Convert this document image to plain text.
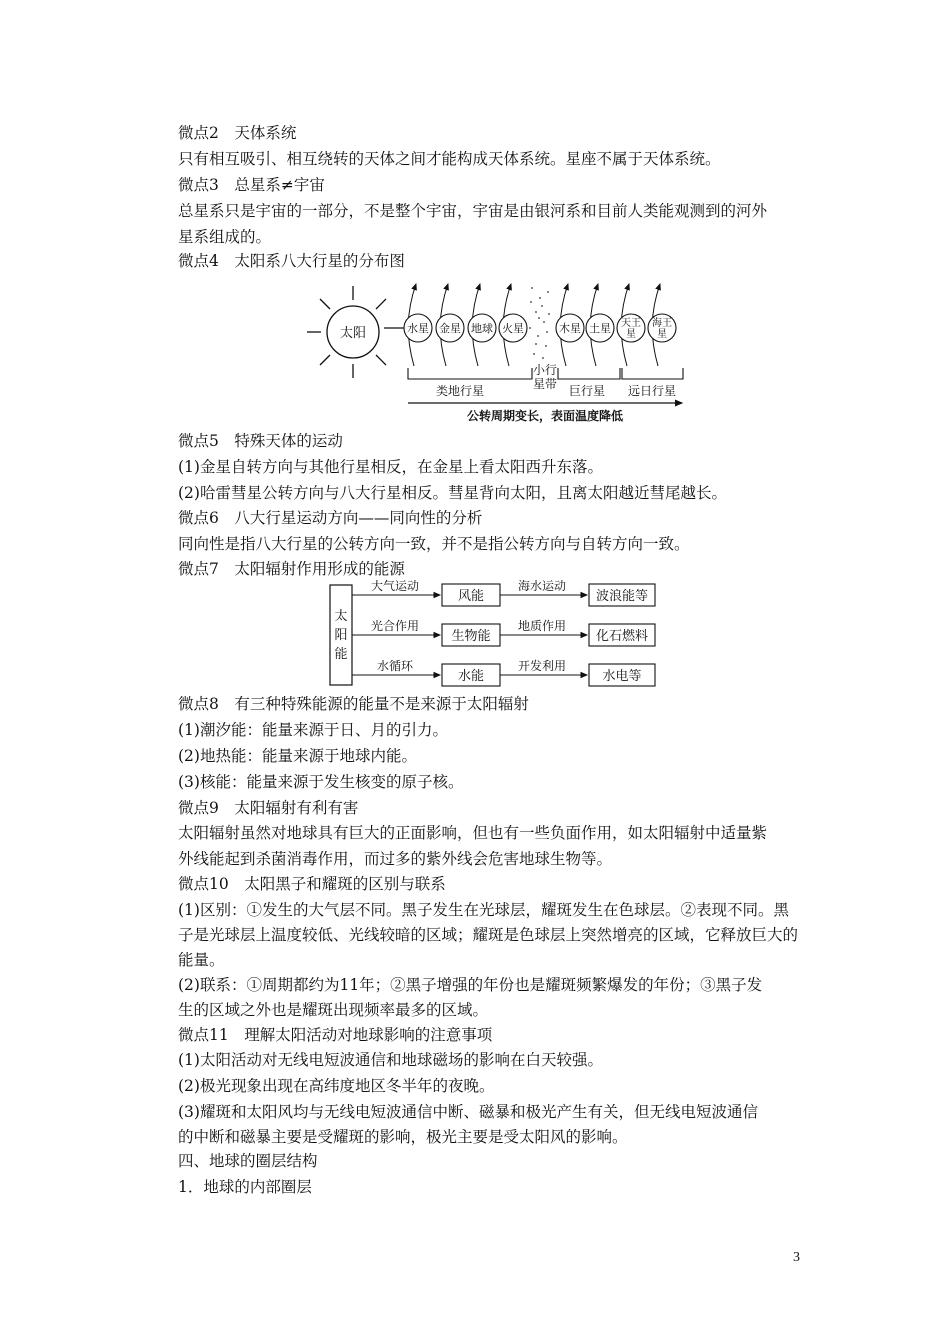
微点2　天体系统
只有相互吸引、相互绕转的天体之间才能构成天体系统。星座不属于天体系统。
微点3　总星系≠宇宙
总星系只是宇宙的一部分，不是整个宇宙，宇宙是由银河系和目前人类能观测到的河外
星系组成的。
微点4　太阳系八大行星的分布图
太阳	水星 金星 地球 火星	木星 土星 天王
星
海王
星
小行
星带
类地行星	巨行星 远日行星
公转周期变长，表面温度降低
微点5　特殊天体的运动
(1)金星自转方向与其他行星相反，在金星上看太阳西升东落。
(2)哈雷彗星公转方向与八大行星相反。彗星背向太阳，且离太阳越近彗尾越长。
微点6　八大行星运动方向——同向性的分析
同向性是指八大行星的公转方向一致，并不是指公转方向与自转方向一致。
微点7　太阳辐射作用形成的能源
太
阳
能
大气运动
风能
海水运动
波浪能等
光合作用
生物能
地质作用
化石燃料
水循环
水能
开发利用
水电等
微点8　有三种特殊能源的能量不是来源于太阳辐射
(1)潮汐能：能量来源于日、月的引力。
(2)地热能：能量来源于地球内能。
(3)核能：能量来源于发生核变的原子核。
微点9　太阳辐射有利有害
太阳辐射虽然对地球具有巨大的正面影响，但也有一些负面作用，如太阳辐射中适量紫
外线能起到杀菌消毒作用，而过多的紫外线会危害地球生物等。
微点10　太阳黑子和耀斑的区别与联系
(1)区别：①发生的大气层不同。黑子发生在光球层，耀斑发生在色球层。②表现不同。黑
子是光球层上温度较低、光线较暗的区域；耀斑是色球层上突然增亮的区域，它释放巨大的
能量。
(2)联系：①周期都约为11年；②黑子增强的年份也是耀斑频繁爆发的年份；③黑子发
生的区域之外也是耀斑出现频率最多的区域。
微点11　理解太阳活动对地球影响的注意事项
(1)太阳活动对无线电短波通信和地球磁场的影响在白天较强。
(2)极光现象出现在高纬度地区冬半年的夜晚。
(3)耀斑和太阳风均与无线电短波通信中断、磁暴和极光产生有关，但无线电短波通信
的中断和磁暴主要是受耀斑的影响，极光主要是受太阳风的影响。
四、地球的圈层结构
1．地球的内部圈层
3
